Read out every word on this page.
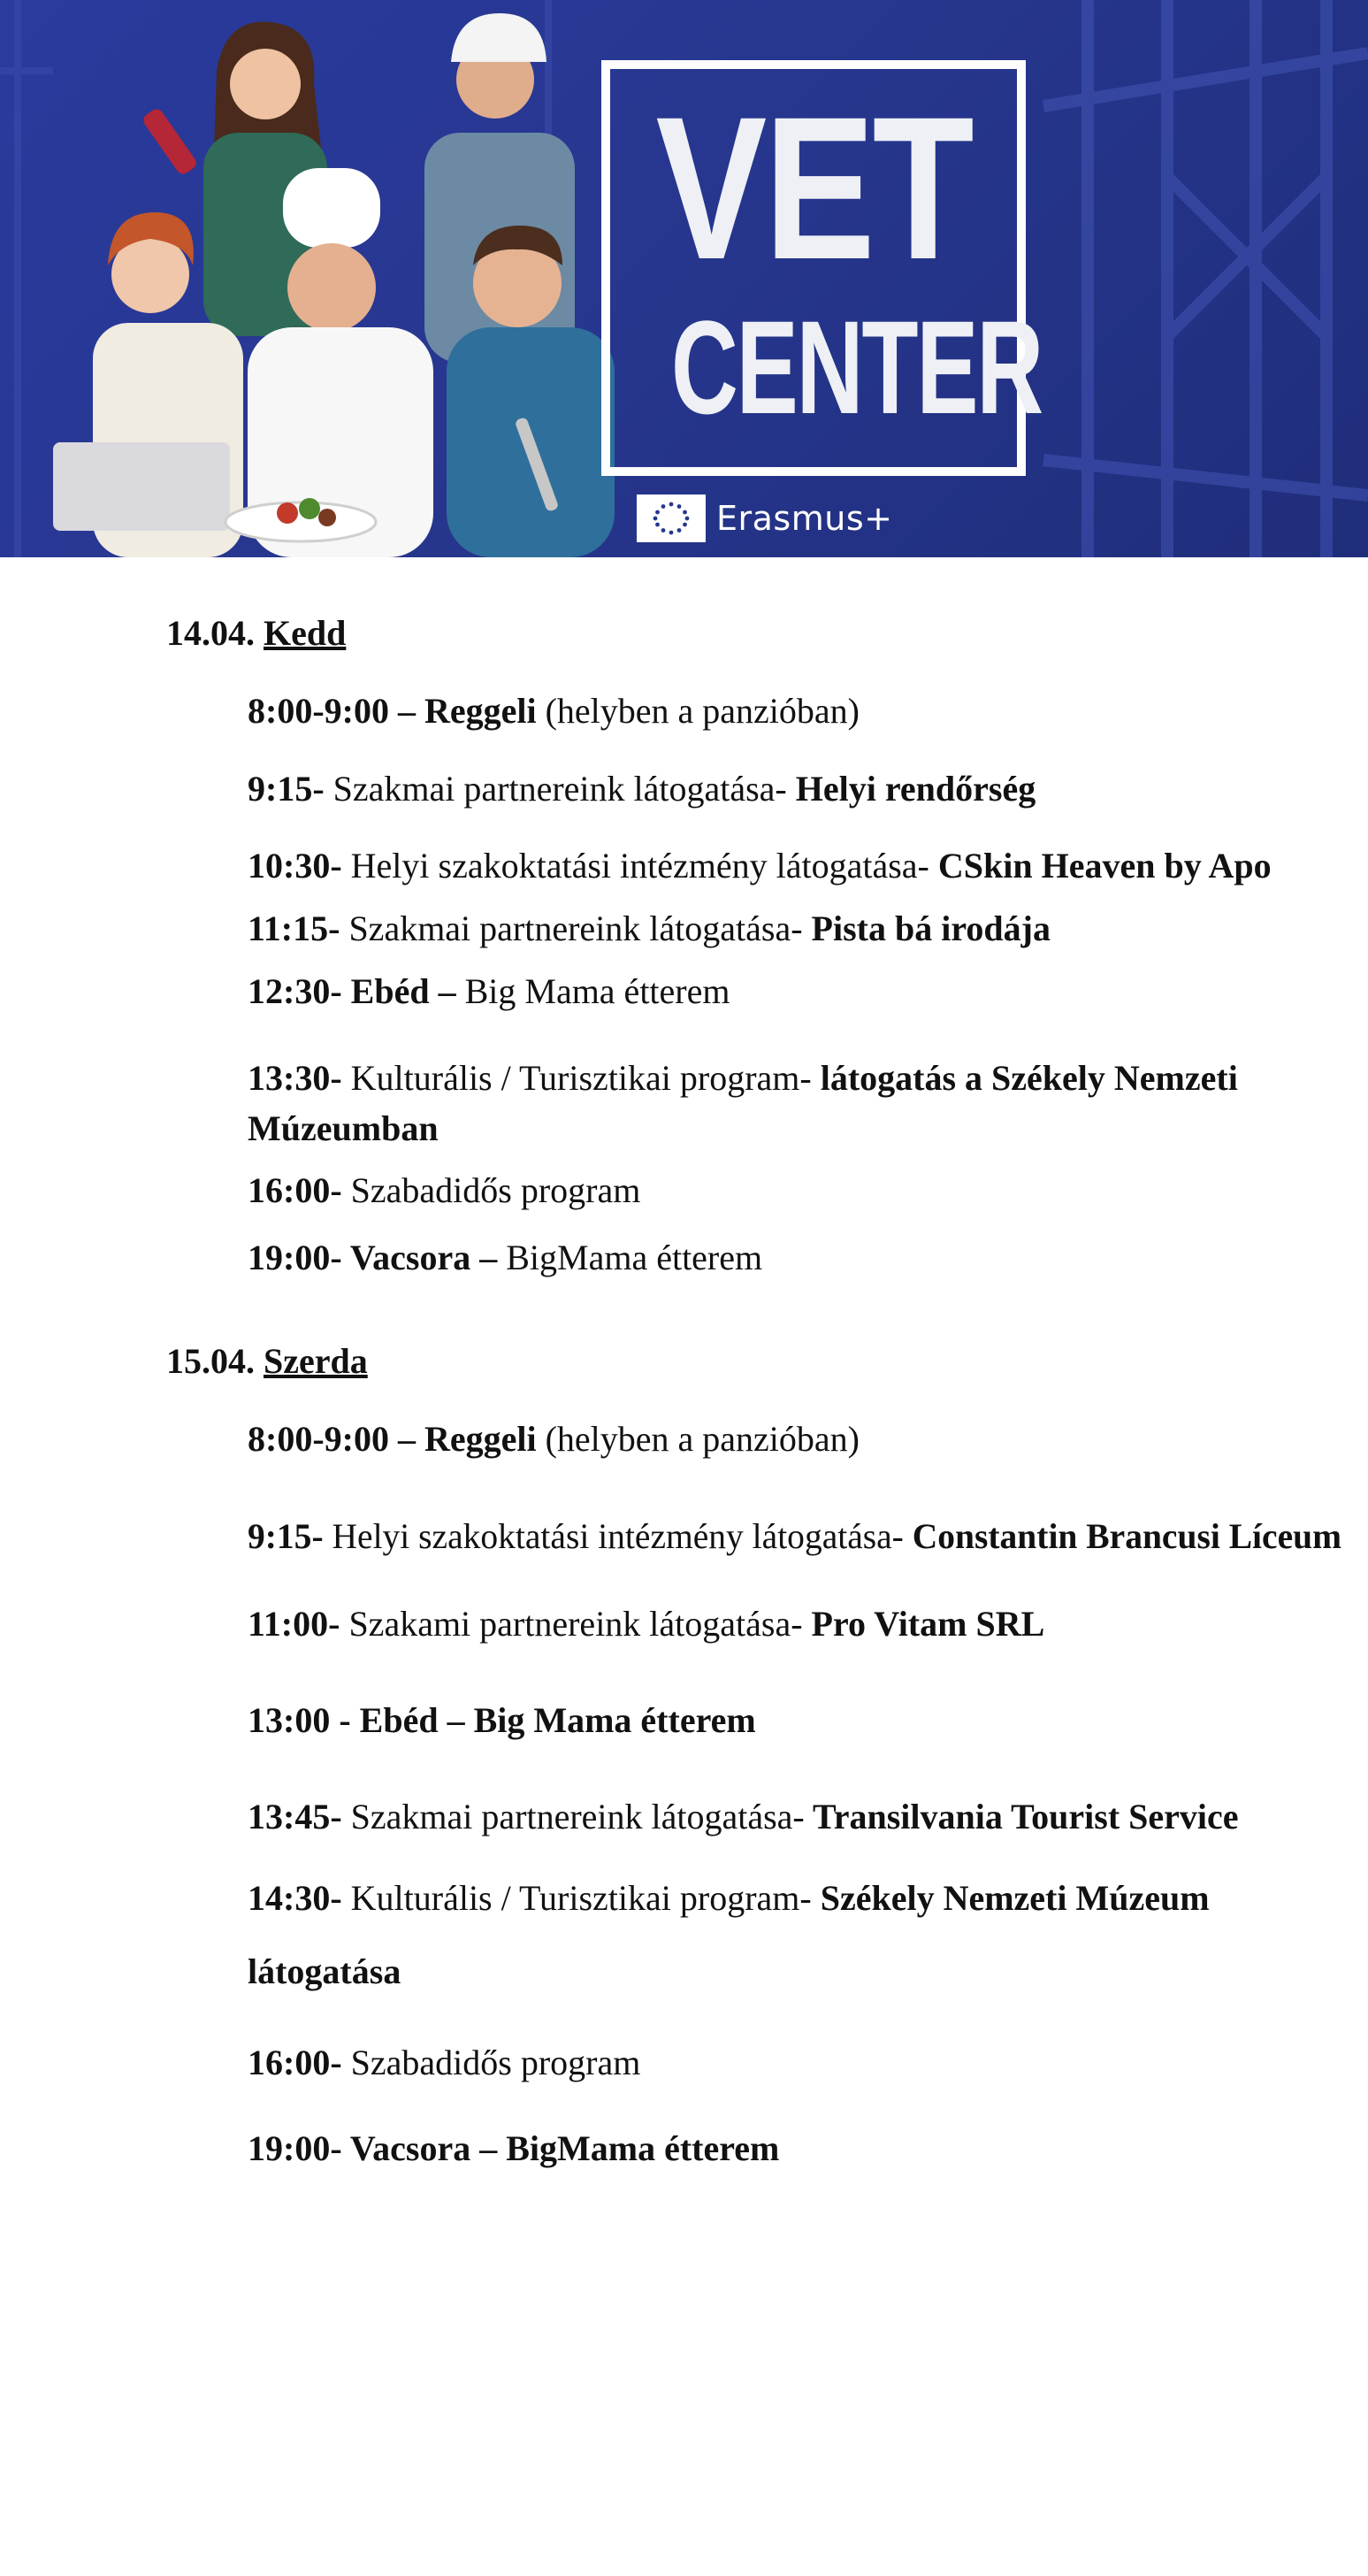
VET
CENTER
Erasmus+
14.04. Kedd
8:00-9:00 – Reggeli (helyben a panzióban)
9:15- Szakmai partnereink látogatása- Helyi rendőrség
10:30- Helyi szakoktatási intézmény látogatása- CSkin Heaven by Apo
11:15- Szakmai partnereink látogatása- Pista bá irodája
12:30- Ebéd – Big Mama étterem
13:30- Kulturális / Turisztikai program- látogatás a Székely Nemzeti
Múzeumban
16:00- Szabadidős program
19:00- Vacsora – BigMama étterem
15.04. Szerda
8:00-9:00 – Reggeli (helyben a panzióban)
9:15- Helyi szakoktatási intézmény látogatása- Constantin Brancusi Líceum
11:00- Szakami partnereink látogatása- Pro Vitam SRL
13:00 - Ebéd – Big Mama étterem
13:45- Szakmai partnereink látogatása- Transilvania Tourist Service
14:30- Kulturális / Turisztikai program- Székely Nemzeti Múzeum
látogatása
16:00- Szabadidős program
19:00- Vacsora – BigMama étterem
